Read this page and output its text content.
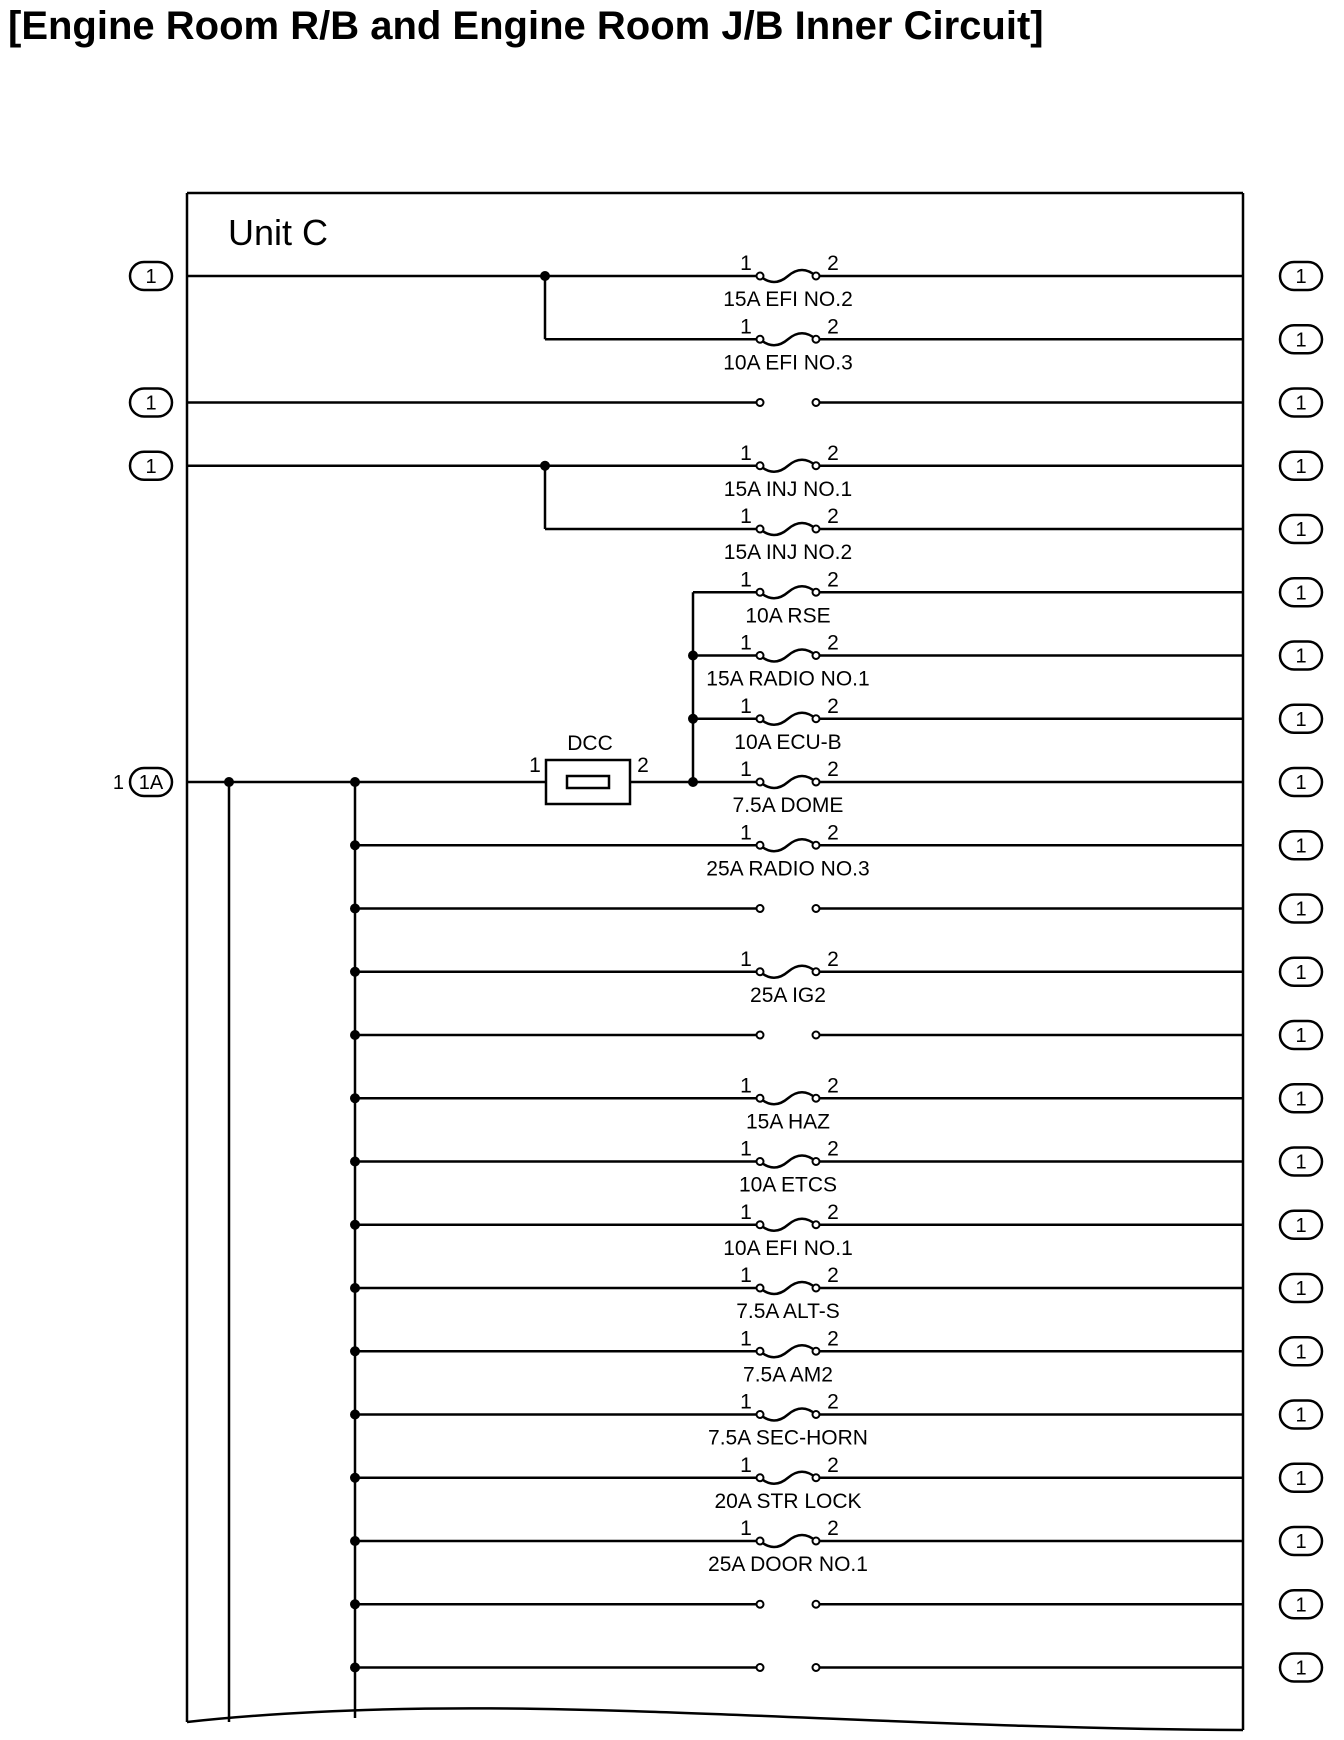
[Engine Room R/B and Engine Room J/B Inner Circuit]
Unit C
1	2
15A EFI NO.2
1	2
10A EFI NO.3
1	2
15A INJ NO.1
1	2
15A INJ NO.2
1	2
10A RSE
1	2
15A RADIO NO.1
1	2
10A ECU-B
1	2
7.5A DOME
1	2
25A RADIO NO.3
1	2
25A IG2
1	2
15A HAZ
1	2
10A ETCS
1	2
10A EFI NO.1
1	2
7.5A ALT-S
1	2
7.5A AM2
1	2
7.5A SEC-HORN
1	2
20A STR LOCK
1	2
25A DOOR NO.1
DCC
1	2
1
1
1
1
1
1
1
1
1
1
1
1
1
1
1
1
1
1
1
1
1
1
1
1
1
1
1A
1
